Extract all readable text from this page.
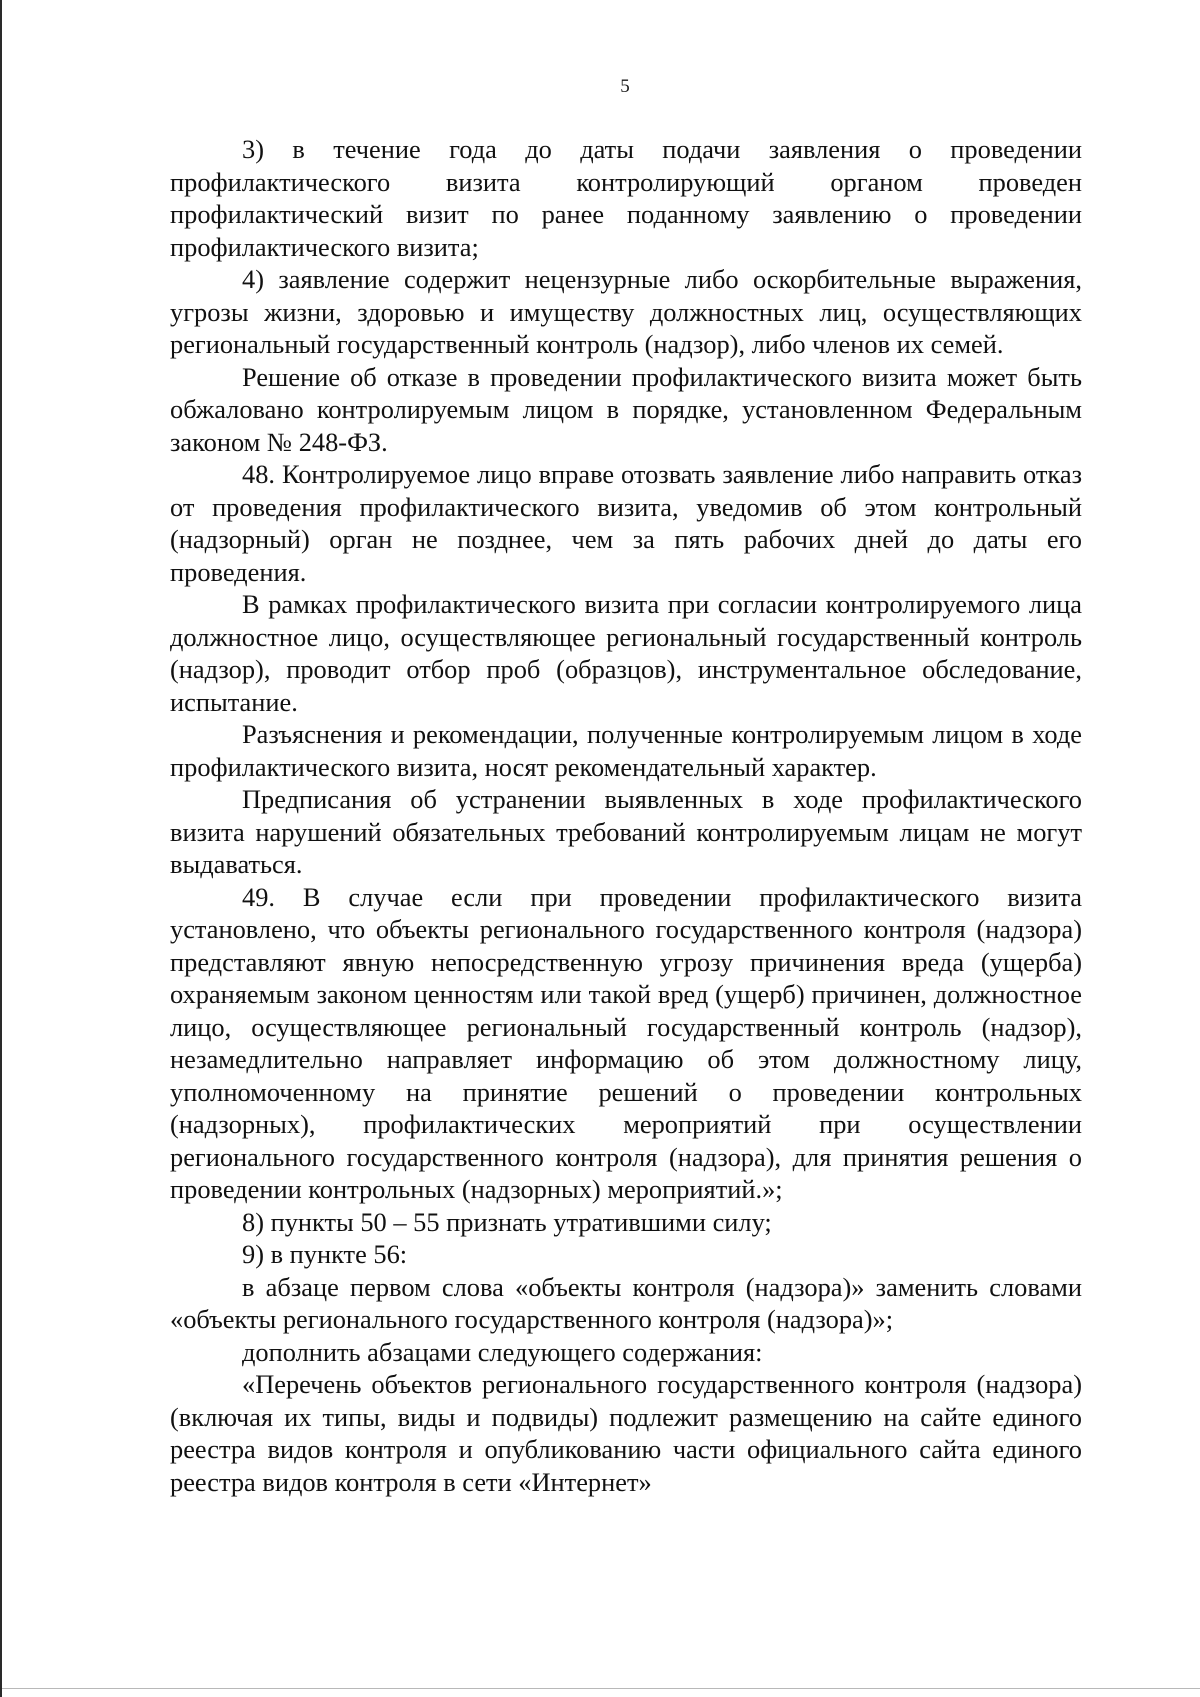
5

3) в течение года до даты подачи заявления о проведении профилактического визита контролирующий органом проведен профилактический визит по ранее поданному заявлению о проведении профилактического визита;

4) заявление содержит нецензурные либо оскорбительные выражения, угрозы жизни, здоровью и имуществу должностных лиц, осуществляющих региональный государственный контроль (надзор), либо членов их семей.

Решение об отказе в проведении профилактического визита может быть обжаловано контролируемым лицом в порядке, установленном Федеральным законом № 248-ФЗ.

48. Контролируемое лицо вправе отозвать заявление либо направить отказ от проведения профилактического визита, уведомив об этом контрольный (надзорный) орган не позднее, чем за пять рабочих дней до даты его проведения.

В рамках профилактического визита при согласии контролируемого лица должностное лицо, осуществляющее региональный государственный контроль (надзор), проводит отбор проб (образцов), инструментальное обследование, испытание.

Разъяснения и рекомендации, полученные контролируемым лицом в ходе профилактического визита, носят рекомендательный характер.

Предписания об устранении выявленных в ходе профилактического визита нарушений обязательных требований контролируемым лицам не могут выдаваться.

49. В случае если при проведении профилактического визита установлено, что объекты регионального государственного контроля (надзора) представляют явную непосредственную угрозу причинения вреда (ущерба) охраняемым законом ценностям или такой вред (ущерб) причинен, должностное лицо, осуществляющее региональный государственный контроль (надзор), незамедлительно направляет информацию об этом должностному лицу, уполномоченному на принятие решений о проведении контрольных (надзорных), профилактических мероприятий при осуществлении регионального государственного контроля (надзора), для принятия решения о проведении контрольных (надзорных) мероприятий.»;

8) пункты 50 – 55 признать утратившими силу;

9) в пункте 56:

в абзаце первом слова «объекты контроля (надзора)» заменить словами «объекты регионального государственного контроля (надзора)»;

дополнить абзацами следующего содержания:

«Перечень объектов регионального государственного контроля (надзора) (включая их типы, виды и подвиды) подлежит размещению на сайте единого реестра видов контроля и опубликованию части официального сайта единого реестра видов контроля в сети «Интернет»
